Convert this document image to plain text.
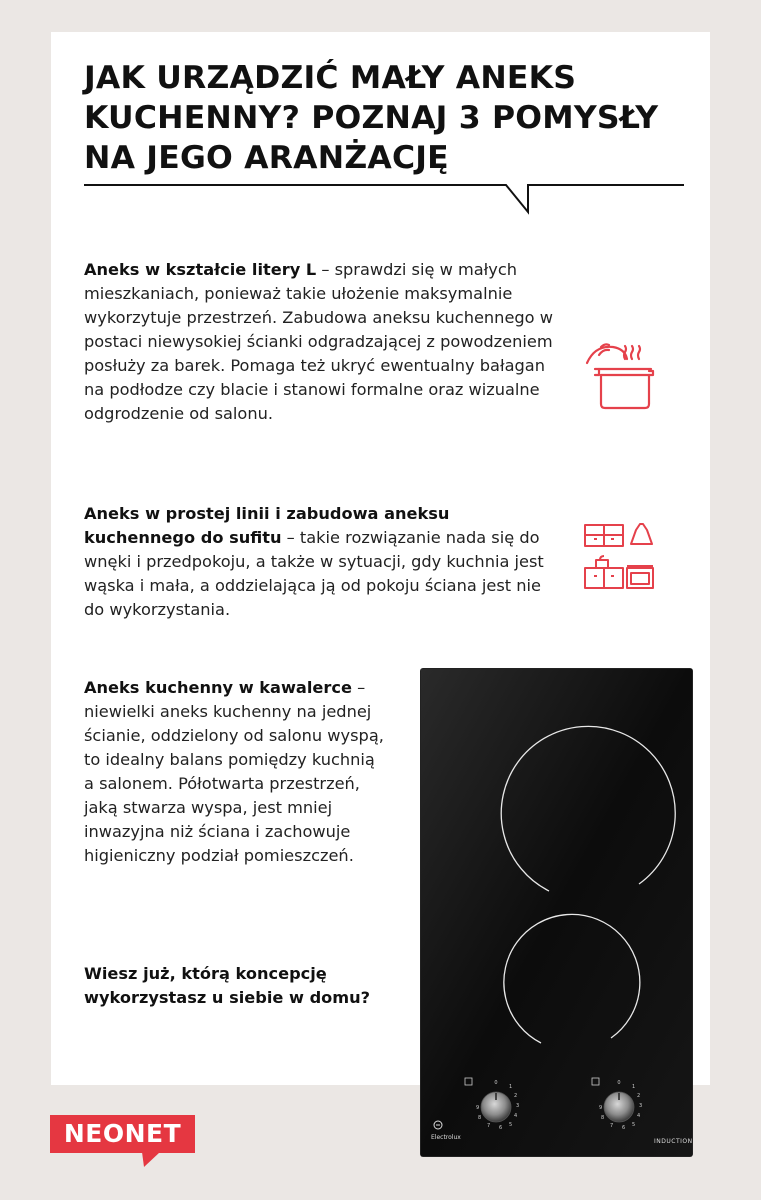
JAK URZĄDZIĆ MAŁY ANEKS KUCHENNY? POZNAJ 3 POMYSŁY NA JEGO ARANŻACJĘ

Aneks w kształcie litery L – sprawdzi się w małych mieszkaniach, ponieważ takie ułożenie maksymalnie wykorzytuje przestrzeń. Zabudowa aneksu kuchennego w postaci niewysokiej ścianki odgradzającej z powodzeniem posłuży za barek. Pomaga też ukryć ewentualny bałagan na podłodze czy blacie i stanowi formalne oraz wizualne odgrodzenie od salonu.

Aneks w prostej linii i zabudowa aneksu kuchennego do sufitu – takie rozwiązanie nada się do wnęki i przedpokoju, a także w sytuacji, gdy kuchnia jest wąska i mała, a oddzielająca ją od pokoju ściana jest nie do wykorzystania.

Aneks kuchenny w kawalerce – niewielki aneks kuchenny na jednej ścianie, oddzielony od salonu wyspą, to idealny balans pomiędzy kuchnią a salonem. Półotwarta przestrzeń, jaką stwarza wyspa, jest mniej inwazyjna niż ściana i zachowuje higieniczny podział pomieszczeń.

Wiesz już, którą koncepcję wykorzystasz u siebie w domu?

0
1
2
3
4
5
6
7
8
9
0
1
2
3
4
5
6
7
8
9
Electrolux
INDUCTION
NEONET
